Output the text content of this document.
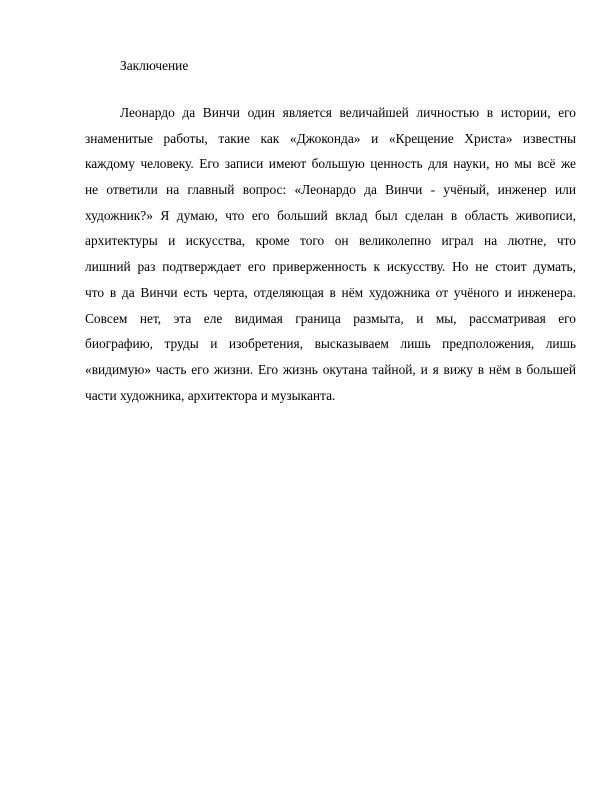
Заключение
Леонардо да Винчи один является величайшей личностью в истории, его
знаменитые работы, такие как «Джоконда» и «Крещение Христа» известны
каждому человеку. Его записи имеют большую ценность для науки, но мы всё же
не ответили на главный вопрос: «Леонардо да Винчи - учёный, инженер или
художник?» Я думаю, что его больший вклад был сделан в область живописи,
архитектуры и искусства, кроме того он великолепно играл на лютне, что
лишний раз подтверждает его приверженность к искусству. Но не стоит думать,
что в да Винчи есть черта, отделяющая в нём художника от учёного и инженера.
Совсем нет, эта еле видимая граница размыта, и мы, рассматривая его
биографию, труды и изобретения, высказываем лишь предположения, лишь
«видимую» часть его жизни. Его жизнь окутана тайной, и я вижу в нём в большей
части художника, архитектора и музыканта.
